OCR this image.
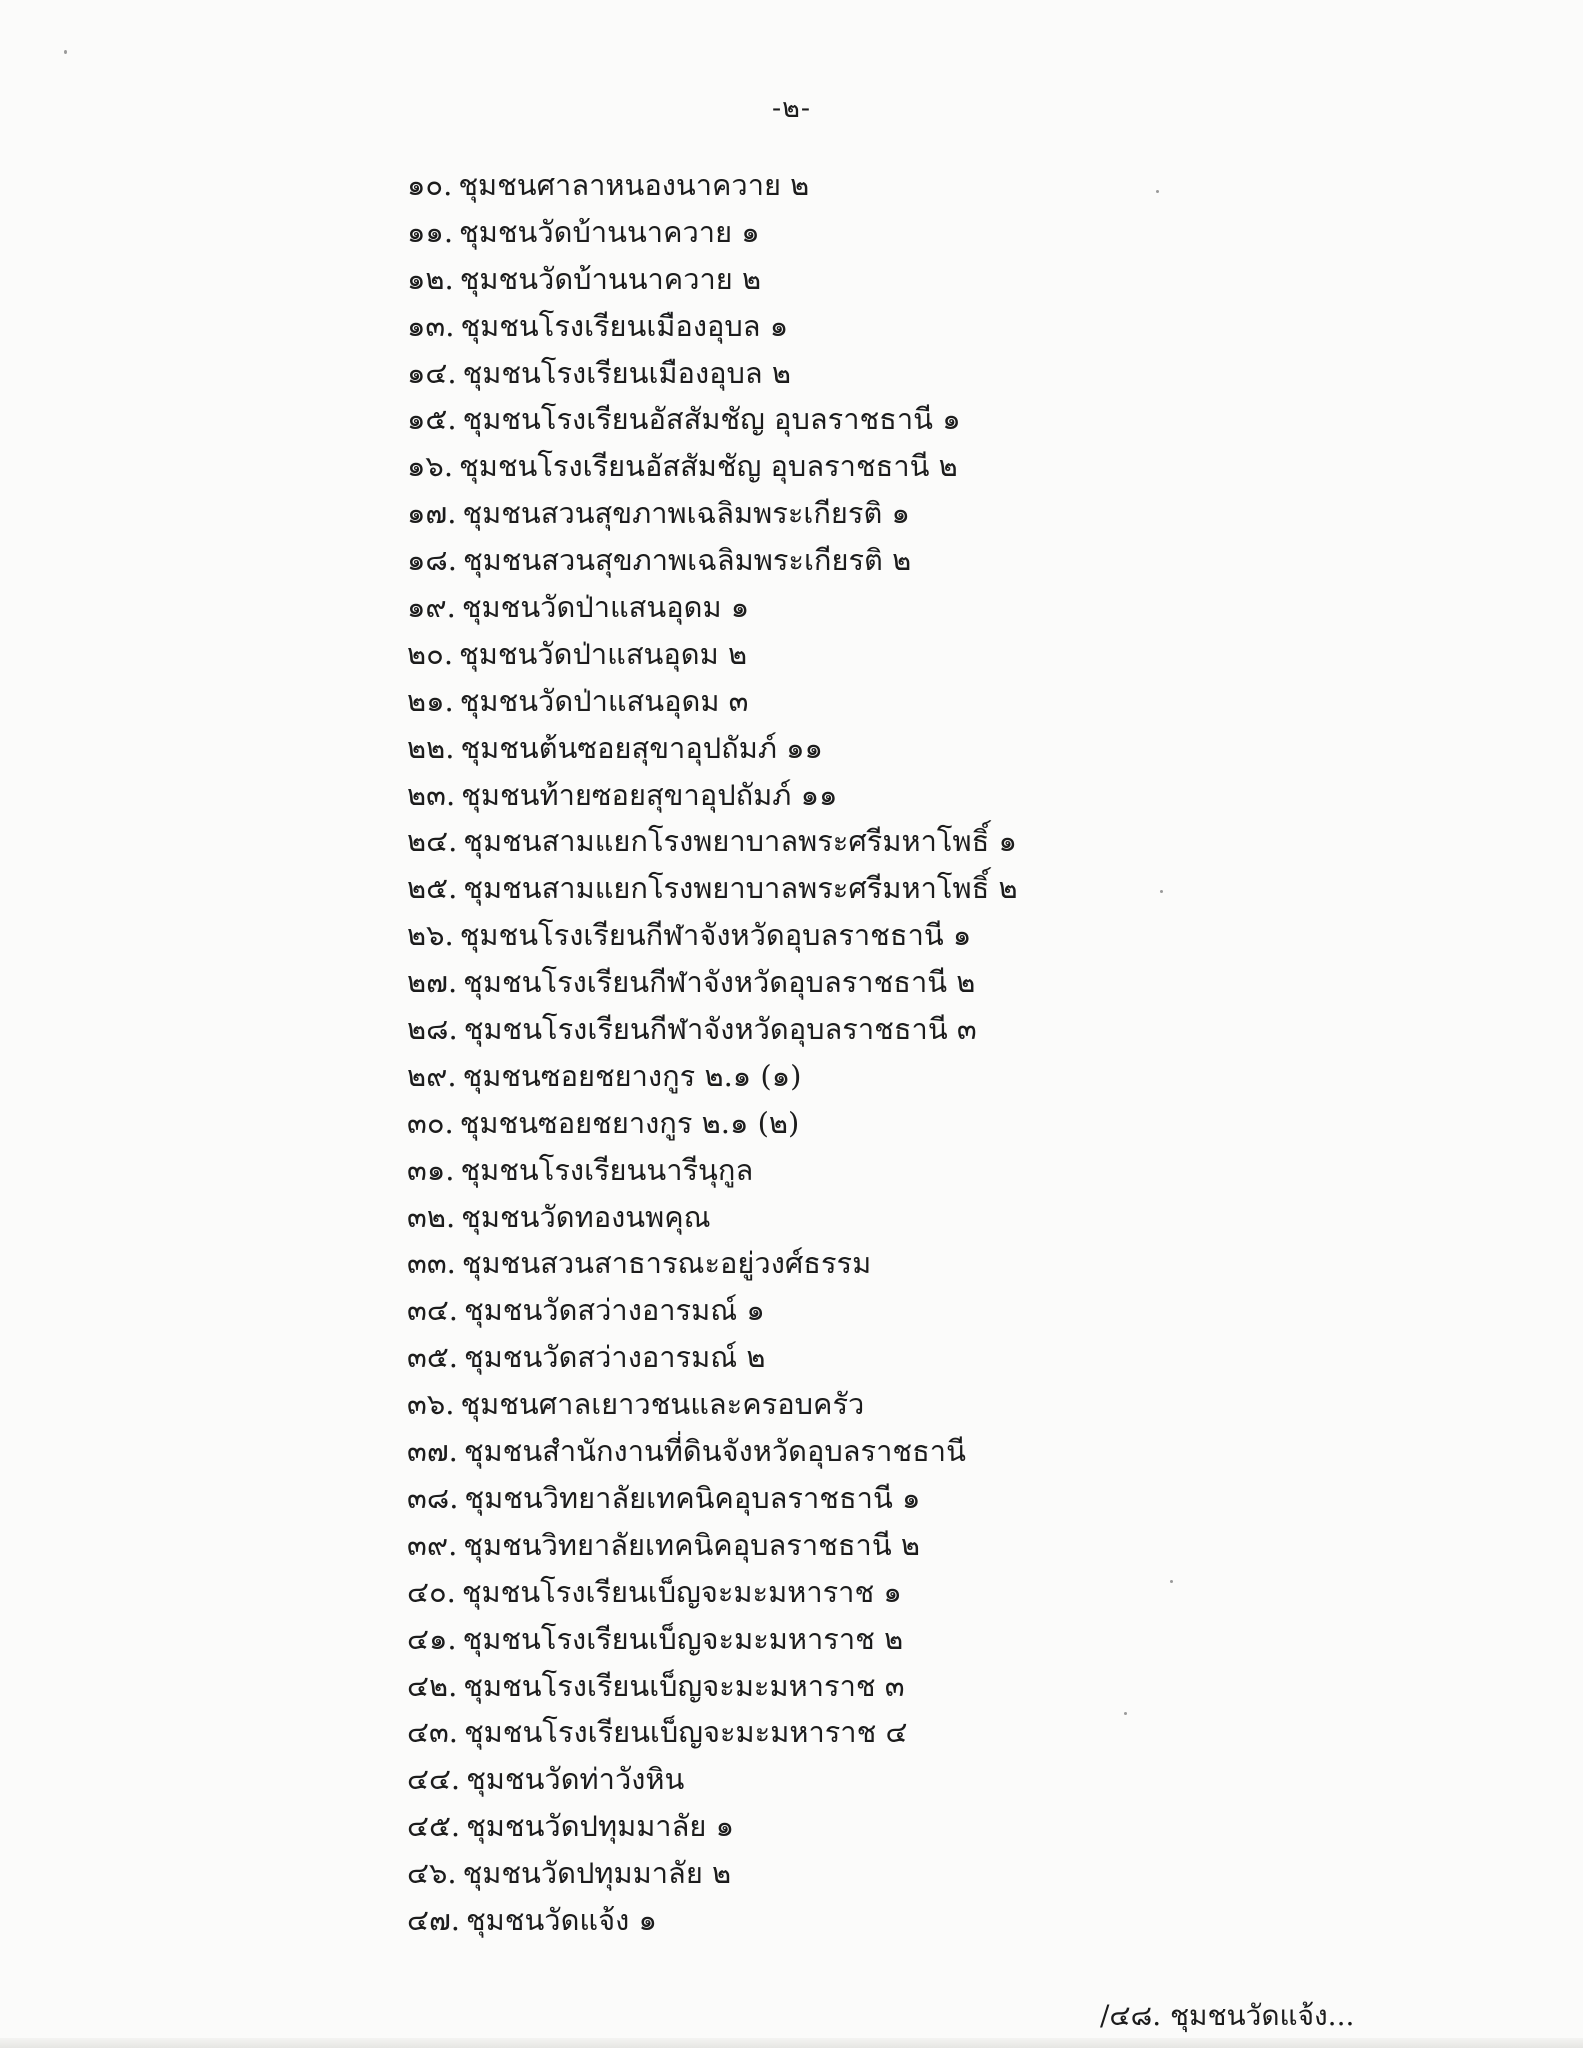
-๒-
๑๐ . ชุมชนศาลาหนองนาควาย ๒
๑๑ . ชุมชนวัดบ้านนาควาย ๑
๑๒ . ชุมชนวัดบ้านนาควาย ๒
๑๓ . ชุมชนโรงเรียนเมืองอุบล ๑
๑๔ . ชุมชนโรงเรียนเมืองอุบล ๒
๑๕ . ชุมชนโรงเรียนอัสสัมชัญ อุบลราชธานี ๑
๑๖ . ชุมชนโรงเรียนอัสสัมชัญ อุบลราชธานี ๒
๑๗ . ชุมชนสวนสุขภาพเฉลิมพระเกียรติ ๑
๑๘ . ชุมชนสวนสุขภาพเฉลิมพระเกียรติ ๒
๑๙ . ชุมชนวัดป่าแสนอุดม ๑
๒๐ . ชุมชนวัดป่าแสนอุดม ๒
๒๑ . ชุมชนวัดป่าแสนอุดม ๓
๒๒ . ชุมชนต้นซอยสุขาอุปถัมภ์ ๑๑
๒๓ . ชุมชนท้ายซอยสุขาอุปถัมภ์ ๑๑
๒๔ . ชุมชนสามแยกโรงพยาบาลพระศรีมหาโพธิ์ ๑
๒๕ . ชุมชนสามแยกโรงพยาบาลพระศรีมหาโพธิ์ ๒
๒๖ . ชุมชนโรงเรียนกีฬาจังหวัดอุบลราชธานี ๑
๒๗ . ชุมชนโรงเรียนกีฬาจังหวัดอุบลราชธานี ๒
๒๘ . ชุมชนโรงเรียนกีฬาจังหวัดอุบลราชธานี ๓
๒๙ . ชุมชนซอยชยางกูร ๒.๑ (๑)
๓๐ . ชุมชนซอยชยางกูร ๒.๑ (๒)
๓๑ . ชุมชนโรงเรียนนารีนุกูล
๓๒ . ชุมชนวัดทองนพคุณ
๓๓ . ชุมชนสวนสาธารณะอยู่วงศ์ธรรม
๓๔ . ชุมชนวัดสว่างอารมณ์ ๑
๓๕ . ชุมชนวัดสว่างอารมณ์ ๒
๓๖ . ชุมชนศาลเยาวชนและครอบครัว
๓๗ . ชุมชนสำนักงานที่ดินจังหวัดอุบลราชธานี
๓๘ . ชุมชนวิทยาลัยเทคนิคอุบลราชธานี ๑
๓๙ . ชุมชนวิทยาลัยเทคนิคอุบลราชธานี ๒
๔๐ . ชุมชนโรงเรียนเบ็ญจะมะมหาราช ๑
๔๑ . ชุมชนโรงเรียนเบ็ญจะมะมหาราช ๒
๔๒ . ชุมชนโรงเรียนเบ็ญจะมะมหาราช ๓
๔๓ . ชุมชนโรงเรียนเบ็ญจะมะมหาราช ๔
๔๔ . ชุมชนวัดท่าวังหิน
๔๕ . ชุมชนวัดปทุมมาลัย ๑
๔๖ . ชุมชนวัดปทุมมาลัย ๒
๔๗ . ชุมชนวัดแจ้ง ๑
/๔๘. ชุมชนวัดแจ้ง...
